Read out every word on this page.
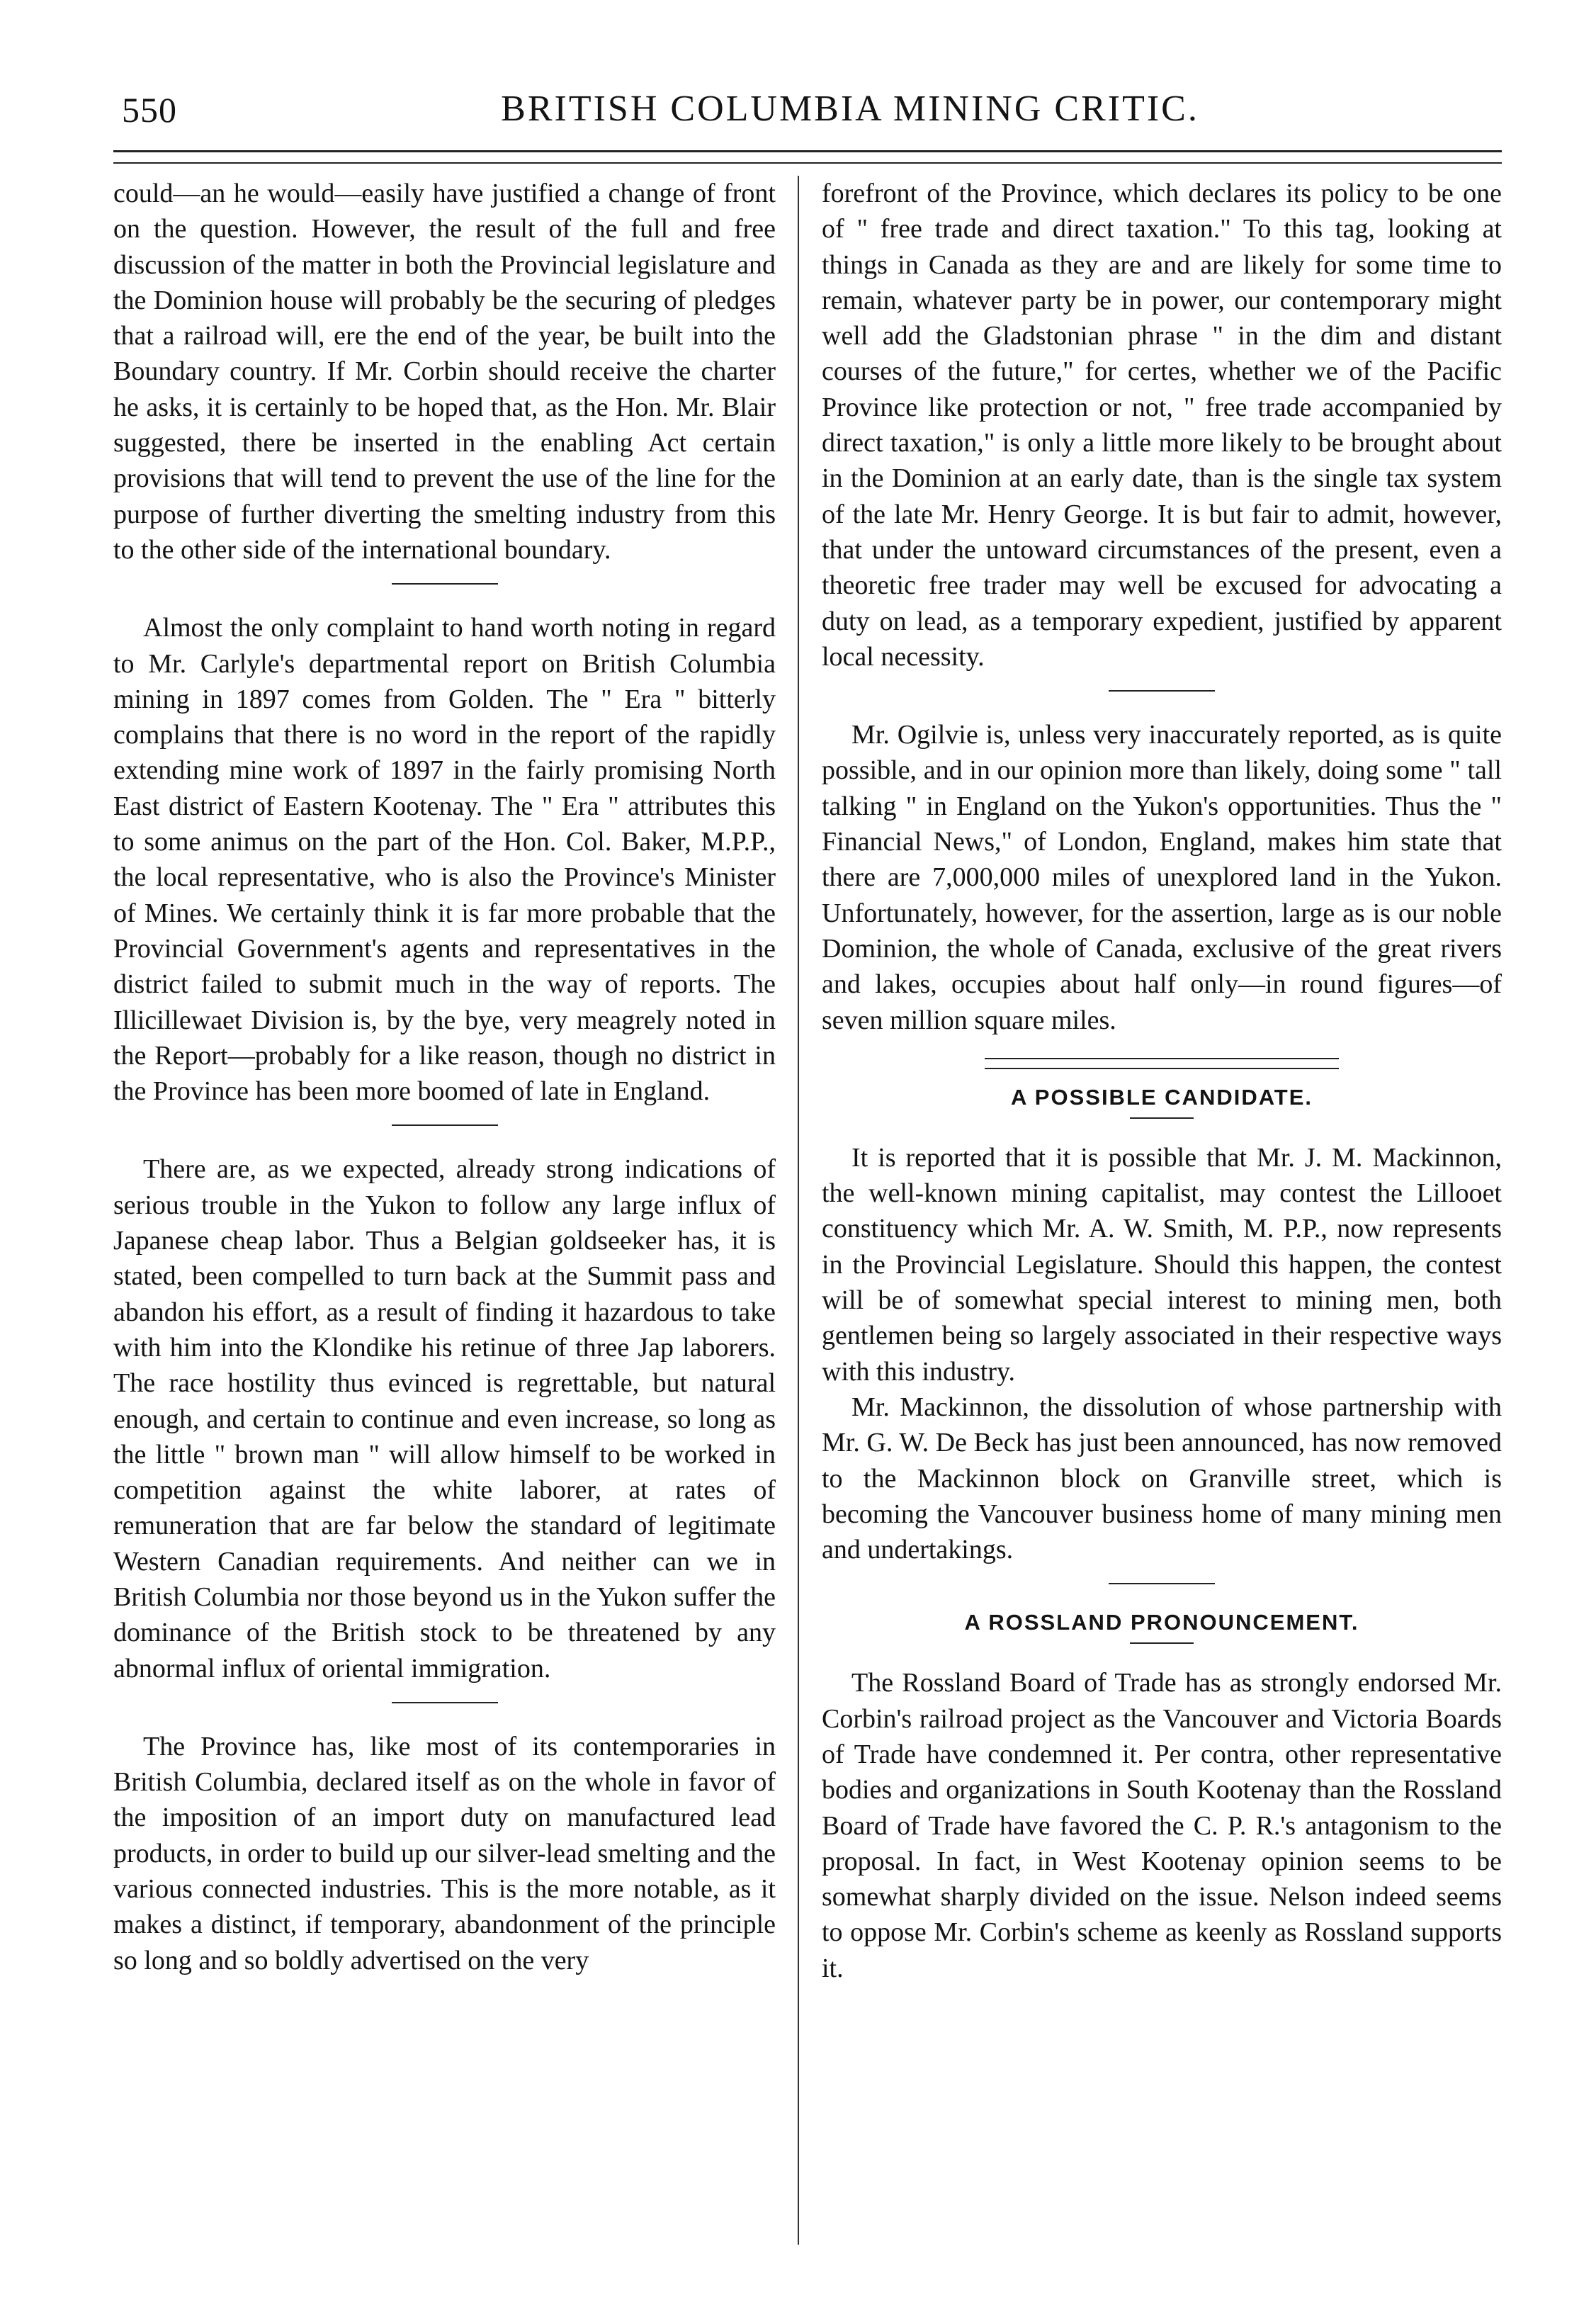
550	BRITISH COLUMBIA MINING CRITIC.

could—an he would—easily have justified a change of front on the question. However, the result of the full and free discussion of the matter in both the Provincial legislature and the Dominion house will probably be the securing of pledges that a railroad will, ere the end of the year, be built into the Boundary country. If Mr. Corbin should receive the charter he asks, it is certainly to be hoped that, as the Hon. Mr. Blair suggested, there be inserted in the enabling Act certain provisions that will tend to prevent the use of the line for the purpose of further diverting the smelting industry from this to the other side of the international boundary.

Almost the only complaint to hand worth noting in regard to Mr. Carlyle's departmental report on British Columbia mining in 1897 comes from Golden. The " Era " bitterly complains that there is no word in the report of the rapidly extending mine work of 1897 in the fairly promising North East district of Eastern Kootenay. The " Era " attributes this to some animus on the part of the Hon. Col. Baker, M.P.P., the local representative, who is also the Province's Minister of Mines. We certainly think it is far more probable that the Provincial Government's agents and representatives in the district failed to submit much in the way of reports. The Illicillewaet Division is, by the bye, very meagrely noted in the Report—probably for a like reason, though no district in the Province has been more boomed of late in England.

There are, as we expected, already strong indications of serious trouble in the Yukon to follow any large influx of Japanese cheap labor. Thus a Belgian goldseeker has, it is stated, been compelled to turn back at the Summit pass and abandon his effort, as a result of finding it hazardous to take with him into the Klondike his retinue of three Jap laborers. The race hostility thus evinced is regrettable, but natural enough, and certain to continue and even increase, so long as the little " brown man " will allow himself to be worked in competition against the white laborer, at rates of remuneration that are far below the standard of legitimate Western Canadian requirements. And neither can we in British Columbia nor those beyond us in the Yukon suffer the dominance of the British stock to be threatened by any abnormal influx of oriental immigration.

The Province has, like most of its contemporaries in British Columbia, declared itself as on the whole in favor of the imposition of an import duty on manufactured lead products, in order to build up our silver-lead smelting and the various connected industries. This is the more notable, as it makes a distinct, if temporary, abandonment of the principle so long and so boldly advertised on the very

forefront of the Province, which declares its policy to be one of " free trade and direct taxation." To this tag, looking at things in Canada as they are and are likely for some time to remain, whatever party be in power, our contemporary might well add the Gladstonian phrase " in the dim and distant courses of the future," for certes, whether we of the Pacific Province like protection or not, " free trade accompanied by direct taxation," is only a little more likely to be brought about in the Dominion at an early date, than is the single tax system of the late Mr. Henry George. It is but fair to admit, however, that under the untoward circumstances of the present, even a theoretic free trader may well be excused for advocating a duty on lead, as a temporary expedient, justified by apparent local necessity.

Mr. Ogilvie is, unless very inaccurately reported, as is quite possible, and in our opinion more than likely, doing some " tall talking " in England on the Yukon's opportunities. Thus the " Financial News," of London, England, makes him state that there are 7,000,000 miles of unexplored land in the Yukon. Unfortunately, however, for the assertion, large as is our noble Dominion, the whole of Canada, exclusive of the great rivers and lakes, occupies about half only—in round figures—of seven million square miles.

A POSSIBLE CANDIDATE.

It is reported that it is possible that Mr. J. M. Mackinnon, the well-known mining capitalist, may contest the Lillooet constituency which Mr. A. W. Smith, M. P.P., now represents in the Provincial Legislature. Should this happen, the contest will be of somewhat special interest to mining men, both gentlemen being so largely associated in their respective ways with this industry.

Mr. Mackinnon, the dissolution of whose partnership with Mr. G. W. De Beck has just been announced, has now removed to the Mackinnon block on Granville street, which is becoming the Vancouver business home of many mining men and undertakings.

A ROSSLAND PRONOUNCEMENT.

The Rossland Board of Trade has as strongly endorsed Mr. Corbin's railroad project as the Vancouver and Victoria Boards of Trade have condemned it. Per contra, other representative bodies and organizations in South Kootenay than the Rossland Board of Trade have favored the C. P. R.'s antagonism to the proposal. In fact, in West Kootenay opinion seems to be somewhat sharply divided on the issue. Nelson indeed seems to oppose Mr. Corbin's scheme as keenly as Rossland supports it.
